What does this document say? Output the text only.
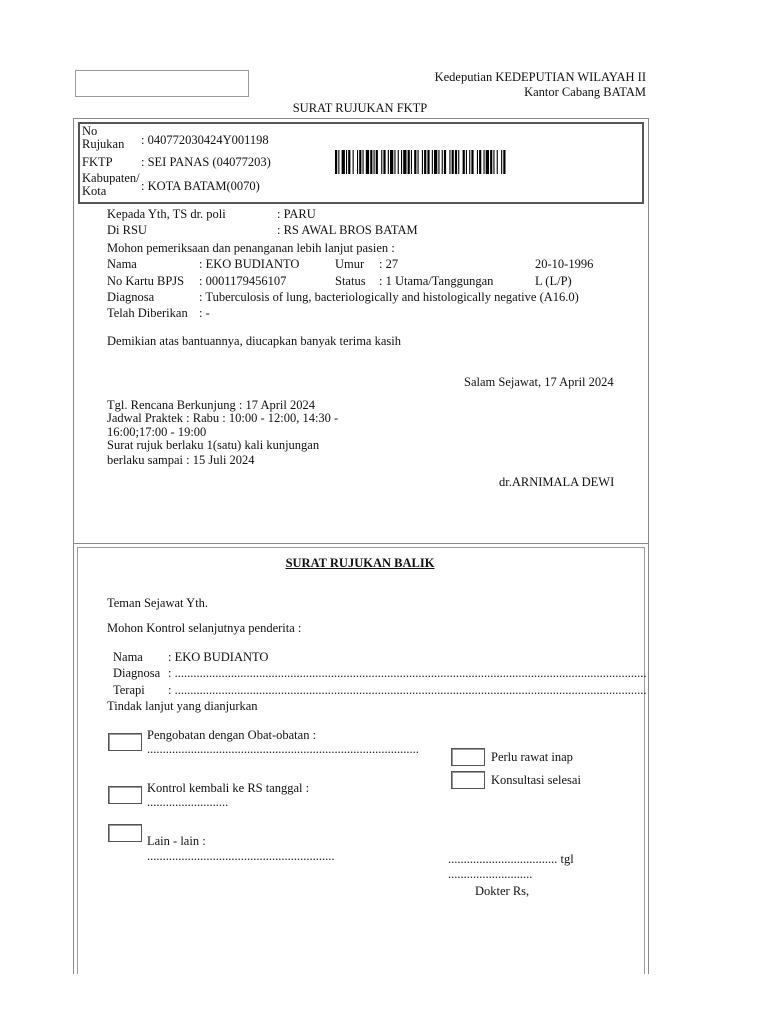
Kedeputian KEDEPUTIAN WILAYAH II
Kantor Cabang BATAM
SURAT RUJUKAN FKTP
No
Rujukan : 040772030424Y001198
FKTP : SEI PANAS (04077203)
Kabupaten/
Kota	: KOTA BATAM(0070)
Kepada Yth, TS dr. poli	: PARU
Di RSU	: RS AWAL BROS BATAM
Mohon pemeriksaan dan penanganan lebih lanjut pasien :
Nama	: EKO BUDIANTO	Umur : 27	20-10-1996
No Kartu BPJS : 0001179456107	Status : 1 Utama/Tanggungan	L (L/P)
Diagnosa	: Tuberculosis of lung, bacteriologically and histologically negative (A16.0)
Telah Diberikan : -
Demikian atas bantuannya, diucapkan banyak terima kasih
Salam Sejawat, 17 April 2024
Tgl. Rencana Berkunjung : 17 April 2024
Jadwal Praktek : Rabu : 10:00 - 12:00, 14:30 -
16:00;17:00 - 19:00
Surat rujuk berlaku 1(satu) kali kunjungan
berlaku sampai : 15 Juli 2024
dr.ARNIMALA DEWI
SURAT RUJUKAN BALIK
Teman Sejawat Yth.
Mohon Kontrol selanjutnya penderita :
Nama : EKO BUDIANTO
Diagnosa : .......................................................................................................................................................
Terapi : .......................................................................................................................................................
Tindak lanjut yang dianjurkan
Pengobatan dengan Obat-obatan :
.......................................................................................
Perlu rawat inap
Konsultasi selesai
Kontrol kembali ke RS tanggal :
..........................
Lain - lain :
............................................................	................................... tgl
...........................
Dokter Rs,
